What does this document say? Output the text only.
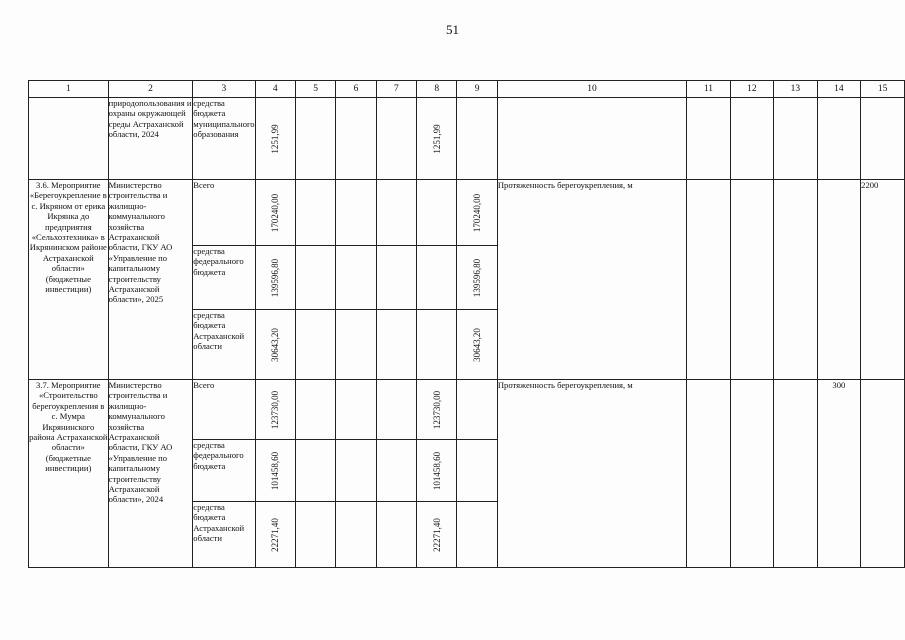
51
1	2	3	4	5	6	7	8	9	10	11	12	13	14	15
	природопользования и охраны окружающей среды Астраханской области, 2024	средства бюджета муниципального образования	1251,99				1251,99							

3.6. Мероприятие «Берегоукрепление в с. Икряном от ерика Икрянка до предприятия «Сельхозтехника» в Икрянинском районе Астраханской области» (бюджетные инвестиции)	Министерство строительства и жилищно-коммунального хозяйства Астраханской области, ГКУ АО «Управление по капитальному строительству Астраханской области», 2025	Всего	170240,00					170240,00	Протяженность берегоукрепления, м					2200
		средства федерального бюджета	139596,80					139596,80						

		средства бюджета Астраханской области	30643,20					30643,20						

3.7. Мероприятие «Строительство берегоукрепления в с. Мумра Икрянинского района Астраханской области» (бюджетные инвестиции)	Министерство строительства и жилищно-коммунального хозяйства Астраханской области, ГКУ АО «Управление по капитальному строительству Астраханской области», 2024	Всего	123730,00				123730,00		Протяженность берегоукрепления, м				300	
		средства федерального бюджета	101458,60				101458,60							

		средства бюджета Астраханской области	22271,40				22271,40							
